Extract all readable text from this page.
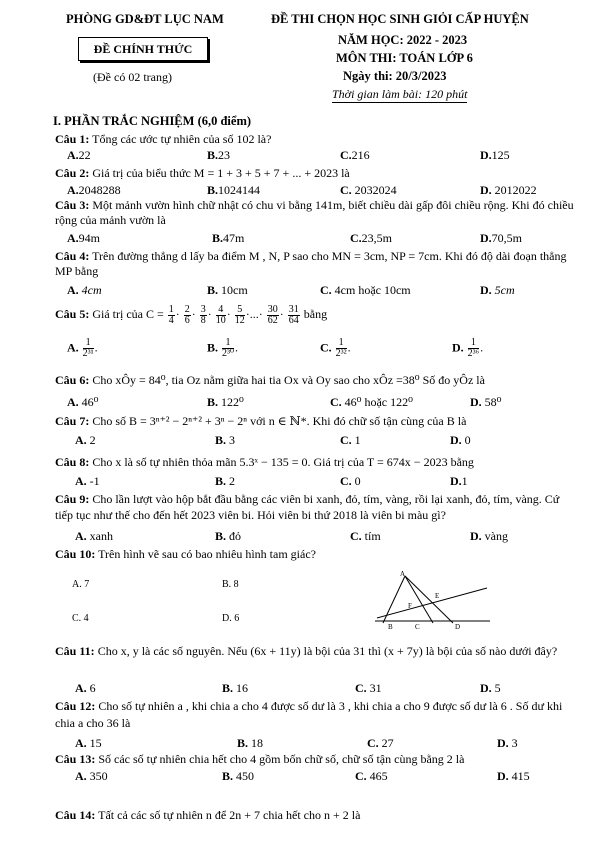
PHÒNG GD&ĐT LỤC NAM
ĐỀ CHÍNH THỨC
(Đề có 02 trang)
ĐỀ THI CHỌN HỌC SINH GIỎI CẤP HUYỆN
NĂM HỌC: 2022 - 2023
MÔN THI: TOÁN LỚP 6
Ngày thi: 20/3/2023
Thời gian làm bài: 120 phút
I. PHẦN TRẮC NGHIỆM (6,0 điểm)
Câu 1: Tổng các ước tự nhiên của số 102 là?
A.22	B.23	C.216	D.125
Câu 2: Giá trị của biểu thức M = 1 + 3 + 5 + 7 + ... + 2023 là
A.2048288	B.1024144	C. 2032024	D. 2012022
Câu 3: Một mảnh vườn hình chữ nhật có chu vi bằng 141m, biết chiều dài gấp đôi chiều rộng. Khi đó chiều rộng của mảnh vườn là
A.94m	B.47m	C.23,5m	D.70,5m
Câu 4: Trên đường thẳng d lấy ba điểm M , N, P sao cho MN = 3cm, NP = 7cm. Khi đó độ dài đoạn thẳng MP bằng
A. 4cm	B. 10cm	C. 4cm hoặc 10cm	D. 5cm
Câu 5: Giá trị của $C = \frac{1}{4} \cdot \frac{2}{6} \cdot \frac{3}{8} \cdot \frac{4}{10} \cdot \frac{5}{12}$ ·...· $\frac{30}{62} \cdot \frac{31}{64}$ bằng
A. $\frac{1}{\text{2³¹}}$ .	B. $\frac{1}{\text{2³⁰}}$ .	C. $\frac{1}{\text{2³²}}$ .	D. $\frac{1}{\text{2³⁶}}$ .
Câu 6: Cho xÔy = 84⁰, tia Oz nằm giữa hai tia Ox và Oy sao cho xÔz =38⁰ Số đo yÔz là
A. 46⁰	B. 122⁰	C. 46⁰ hoặc 122⁰	D. 58⁰
Câu 7: Cho số B = 3ⁿ⁺² − 2ⁿ⁺² + 3ⁿ − 2ⁿ với n ∈ ℕ*. Khi đó chữ số tận cùng của B là
A. 2	B. 3	C. 1	D. 0
Câu 8: Cho x là số tự nhiên thỏa mãn 5.3ˣ − 135 = 0. Giá trị của T = 674x − 2023 bằng
A. -1	B. 2	C. 0	D.1
Câu 9: Cho lần lượt vào hộp bắt đầu bằng các viên bi xanh, đỏ, tím, vàng, rồi lại xanh, đỏ, tím, vàng. Cứ tiếp tục như thế cho đến hết 2023 viên bi. Hỏi viên bi thứ 2018 là viên bi màu gì?
A. xanh	B. đỏ	C. tím	D. vàng
Câu 10: Trên hình vẽ sau có bao nhiêu hình tam giác?
A. 7	B. 8
C. 4	D. 6
A
B	C	D
E
F
Câu 11: Cho x, y là các số nguyên. Nếu (6x + 11y) là bội của 31 thì (x + 7y) là bội của số nào dưới đây?
A. 6	B. 16	C. 31	D. 5
Câu 12: Cho số tự nhiên a , khi chia a cho 4 được số dư là 3 , khi chia a cho 9 được số dư là 6 . Số dư khi chia a cho 36 là
A. 15	B. 18	C. 27	D. 3
Câu 13: Số các số tự nhiên chia hết cho 4 gồm bốn chữ số, chữ số tận cùng bằng 2 là
A. 350	B. 450	C. 465	D. 415
Câu 14: Tất cả các số tự nhiên n để 2n + 7 chia hết cho n + 2 là
